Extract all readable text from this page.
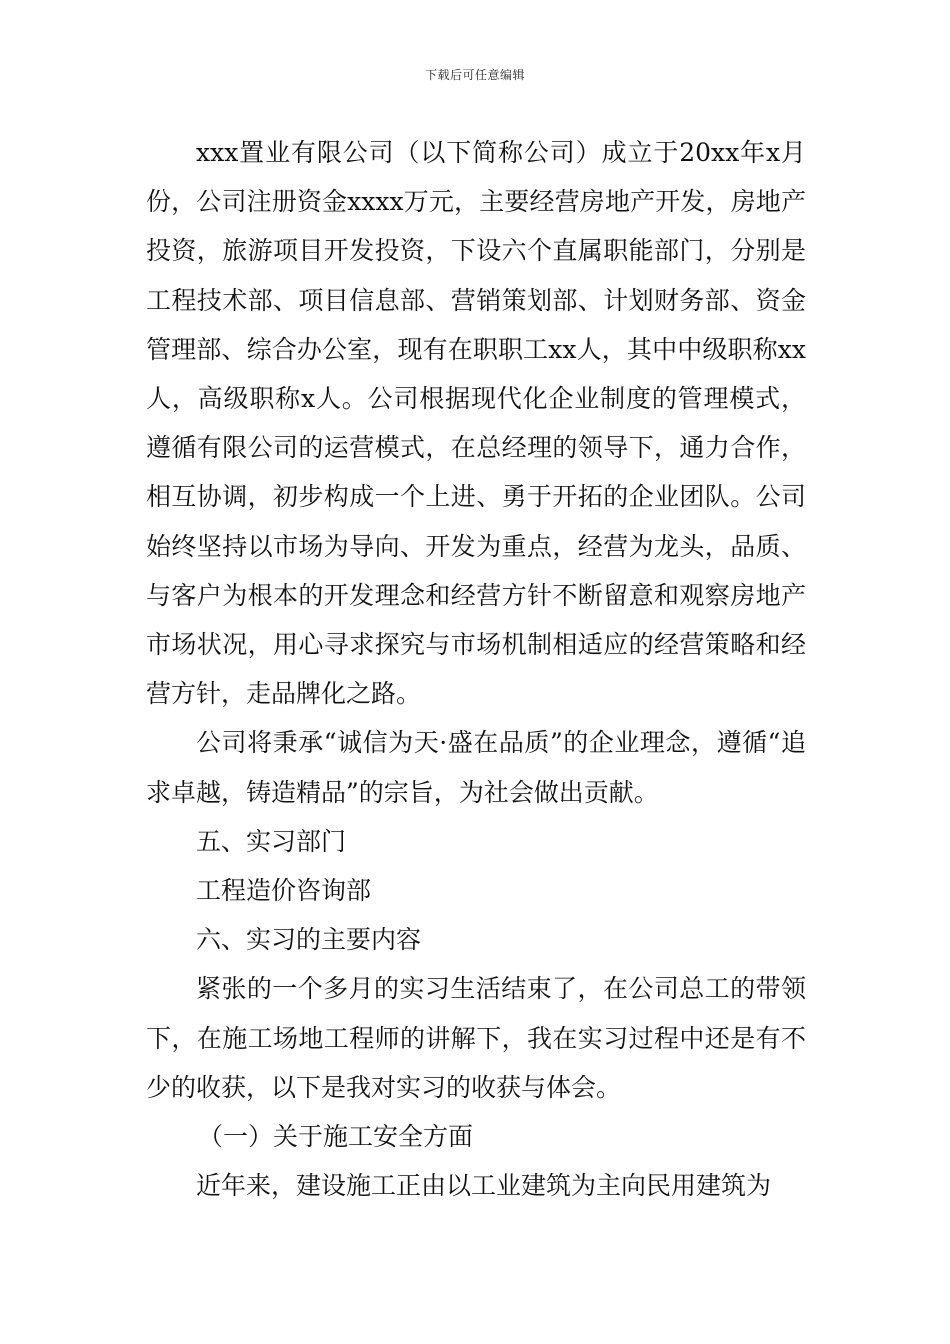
下载后可任意编辑

xxx置业有限公司（以下简称公司）成立于20xx年x月份，公司注册资金xxxx万元，主要经营房地产开发，房地产投资，旅游项目开发投资，下设六个直属职能部门，分别是工程技术部、项目信息部、营销策划部、计划财务部、资金管理部、综合办公室，现有在职职工xx人，其中中级职称xx人，高级职称x人。公司根据现代化企业制度的管理模式，遵循有限公司的运营模式，在总经理的领导下，通力合作，相互协调，初步构成一个上进、勇于开拓的企业团队。公司始终坚持以市场为导向、开发为重点，经营为龙头，品质、与客户为根本的开发理念和经营方针不断留意和观察房地产市场状况，用心寻求探究与市场机制相适应的经营策略和经营方针，走品牌化之路。

公司将秉承“诚信为天·盛在品质”的企业理念，遵循“追求卓越，铸造精品”的宗旨，为社会做出贡献。

五、实习部门

工程造价咨询部

六、实习的主要内容

紧张的一个多月的实习生活结束了，在公司总工的带领下，在施工场地工程师的讲解下，我在实习过程中还是有不少的收获，以下是我对实习的收获与体会。

（一）关于施工安全方面

近年来，建设施工正由以工业建筑为主向民用建筑为
